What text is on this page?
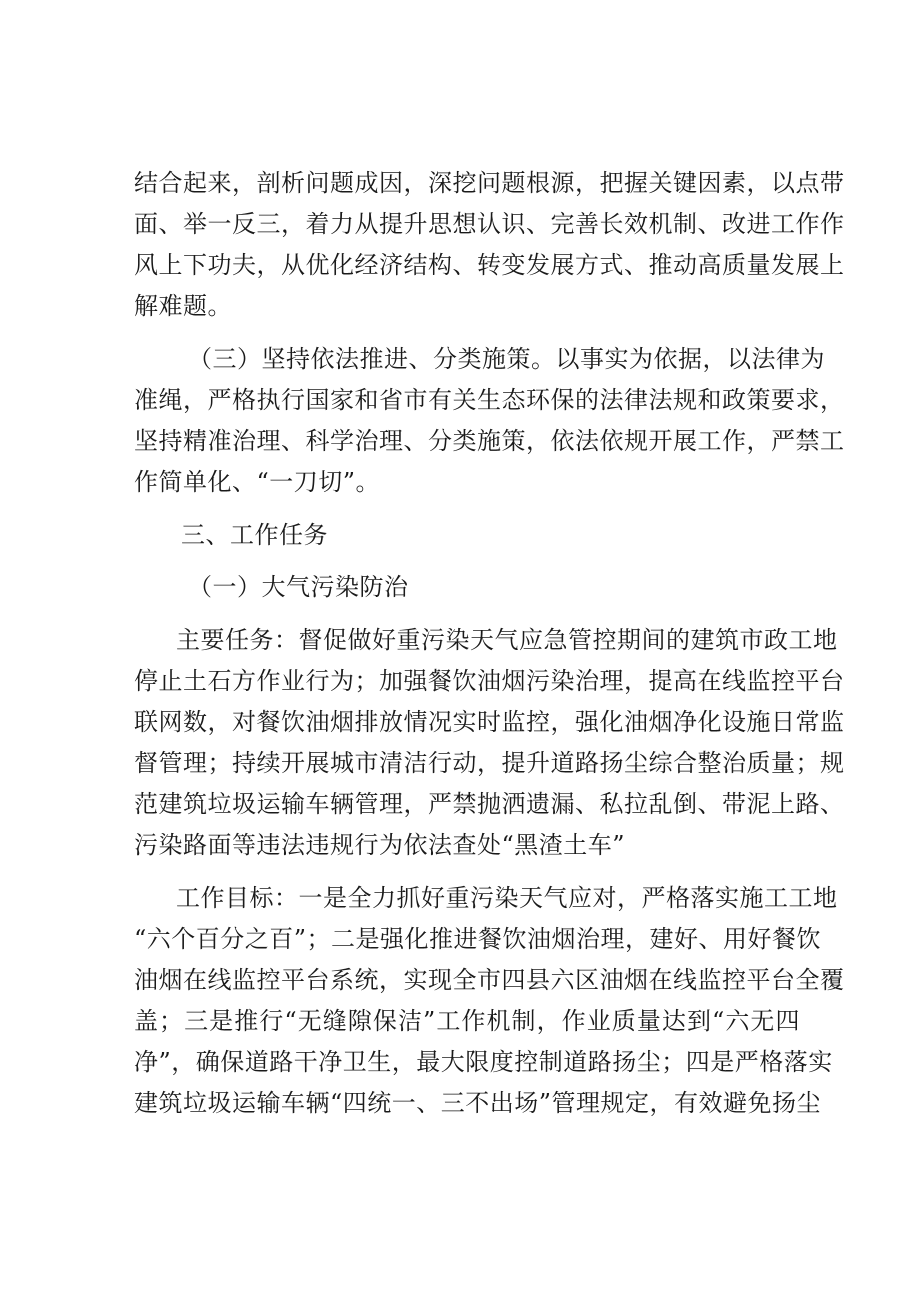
结合起来，剖析问题成因，深挖问题根源，把握关键因素，以点带
面、举一反三，着力从提升思想认识、完善长效机制、改进工作作
风上下功夫，从优化经济结构、转变发展方式、推动高质量发展上
解难题。
（三）坚持依法推进、分类施策。以事实为依据，以法律为
准绳，严格执行国家和省市有关生态环保的法律法规和政策要求，
坚持精准治理、科学治理、分类施策，依法依规开展工作，严禁工
作简单化、“一刀切”。
三、工作任务
（一）大气污染防治
主要任务：督促做好重污染天气应急管控期间的建筑市政工地
停止土石方作业行为；加强餐饮油烟污染治理，提高在线监控平台
联网数，对餐饮油烟排放情况实时监控，强化油烟净化设施日常监
督管理；持续开展城市清洁行动，提升道路扬尘综合整治质量；规
范建筑垃圾运输车辆管理，严禁抛洒遗漏、私拉乱倒、带泥上路、
污染路面等违法违规行为依法查处“黑渣土车”
工作目标：一是全力抓好重污染天气应对，严格落实施工工地
“六个百分之百”；二是强化推进餐饮油烟治理，建好、用好餐饮
油烟在线监控平台系统，实现全市四县六区油烟在线监控平台全覆
盖；三是推行“无缝隙保洁”工作机制，作业质量达到“六无四
净”，确保道路干净卫生，最大限度控制道路扬尘；四是严格落实
建筑垃圾运输车辆“四统一、三不出场”管理规定，有效避免扬尘
